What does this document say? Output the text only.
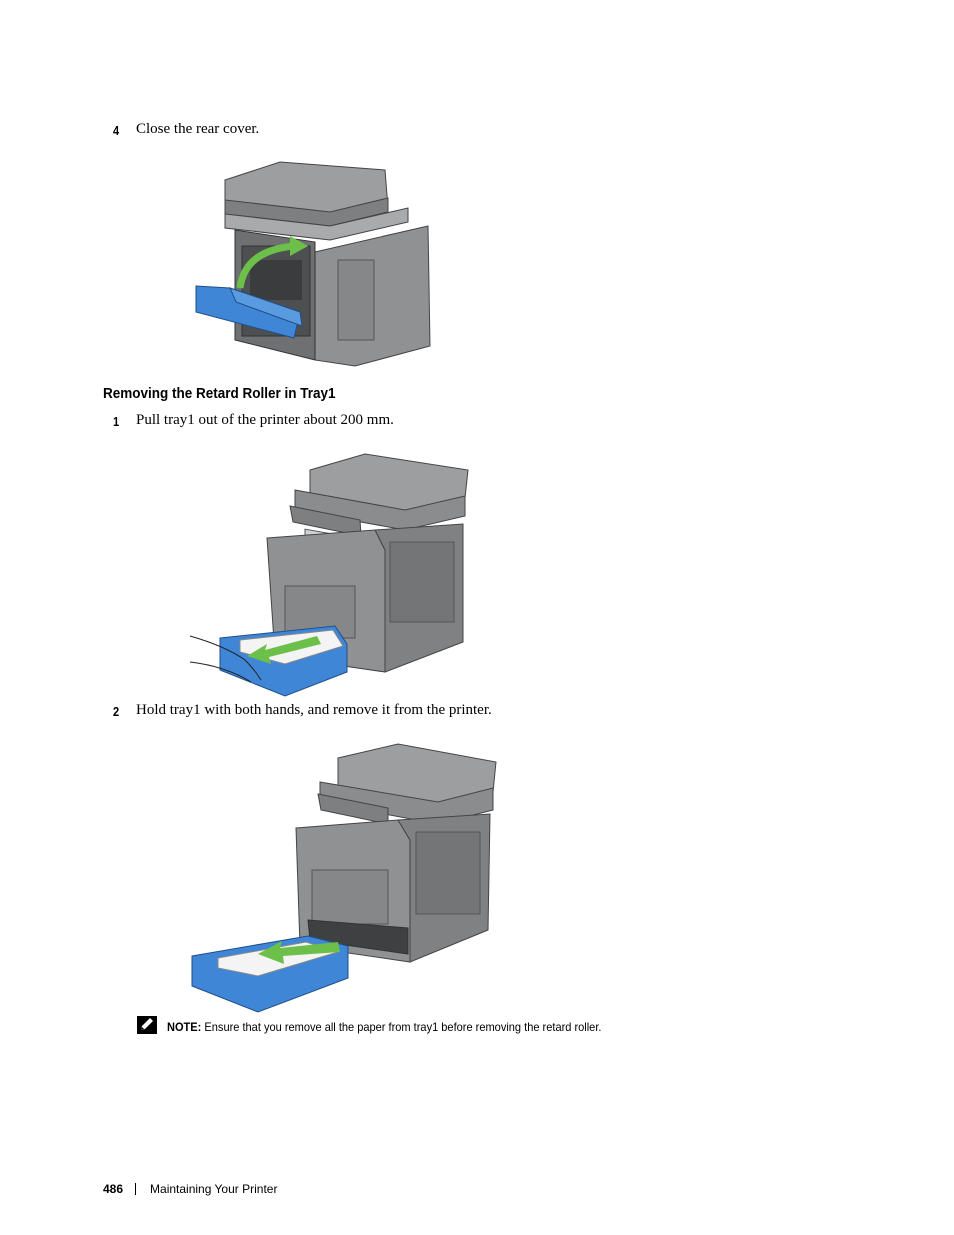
4 Close the rear cover.
Removing the Retard Roller in Tray1
1 Pull tray1 out of the printer about 200 mm.
2 Hold tray1 with both hands, and remove it from the printer.
NOTE: Ensure that you remove all the paper from tray1 before removing the retard roller.
486 Maintaining Your Printer
